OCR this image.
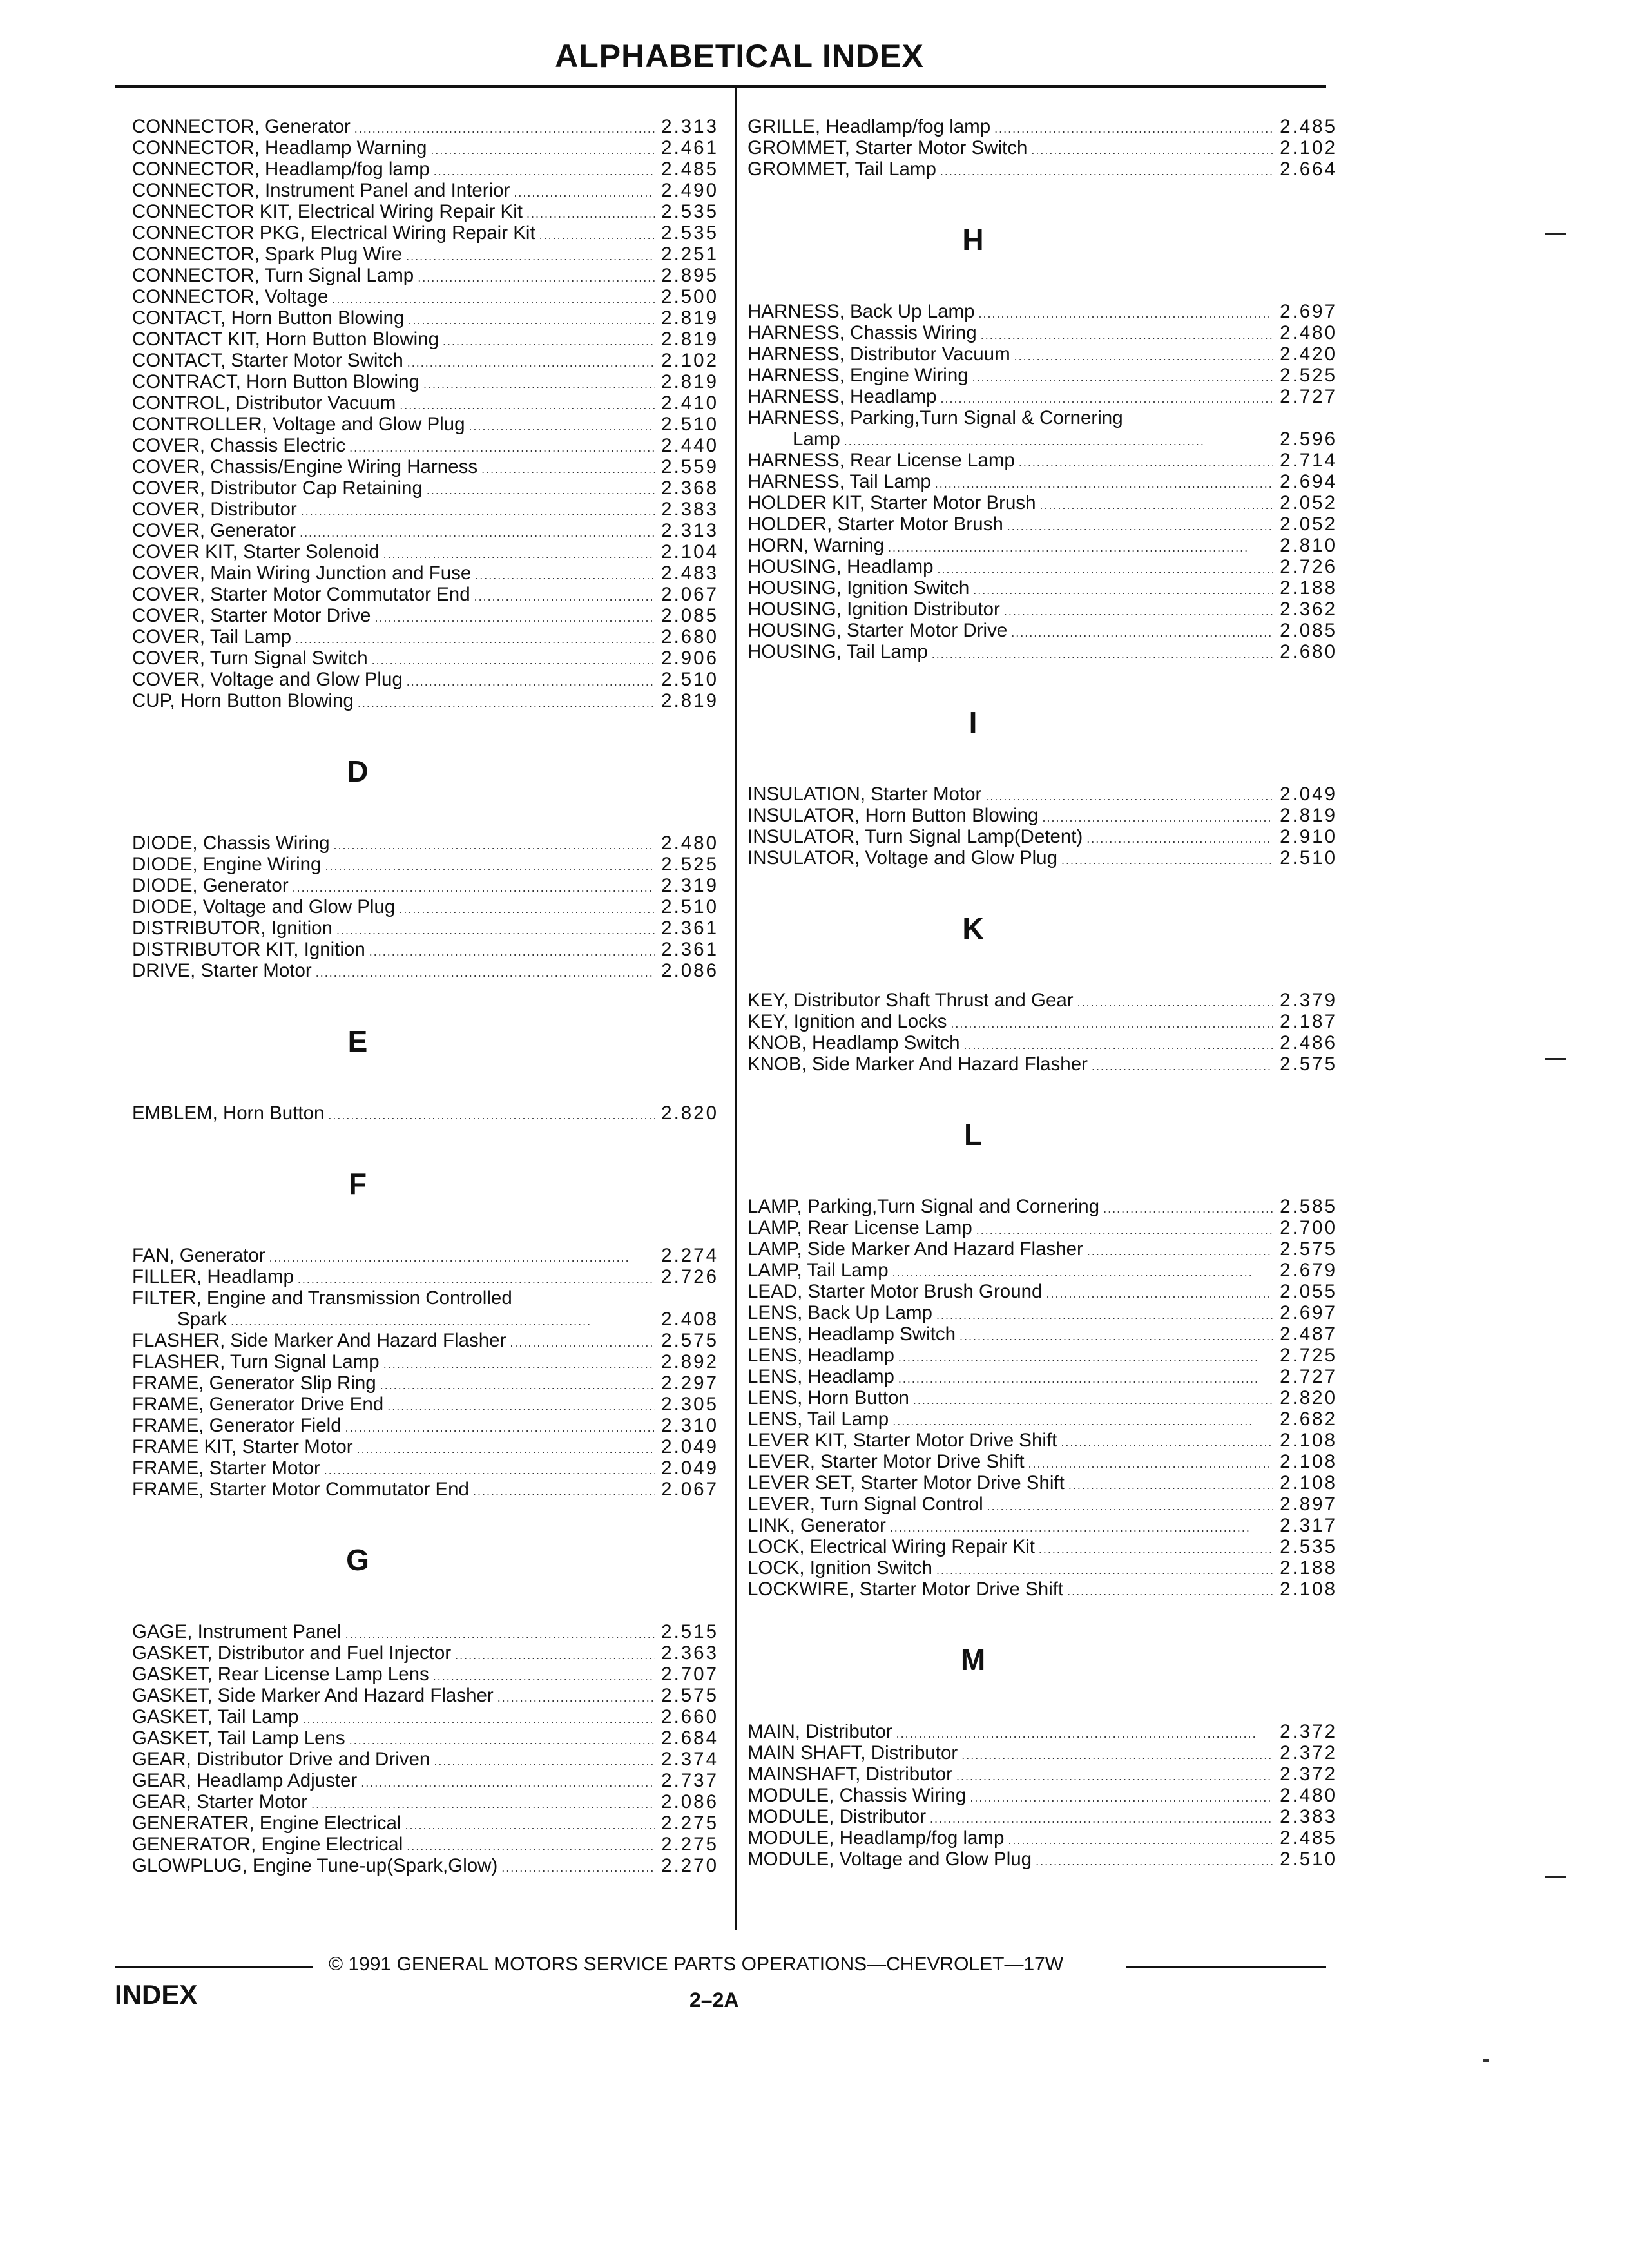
ALPHABETICAL INDEX
CONNECTOR, Generator .....	2.313
CONNECTOR, Headlamp Warning .....	2.461
CONNECTOR, Headlamp/fog lamp .....	2.485
CONNECTOR, Instrument Panel and Interior .....	2.490
CONNECTOR KIT, Electrical Wiring Repair Kit .....	2.535
CONNECTOR PKG, Electrical Wiring Repair Kit .....	2.535
CONNECTOR, Spark Plug Wire .....	2.251
CONNECTOR, Turn Signal Lamp .....	2.895
CONNECTOR, Voltage .....	2.500
CONTACT, Horn Button Blowing .....	2.819
CONTACT KIT, Horn Button Blowing .....	2.819
CONTACT, Starter Motor Switch .....	2.102
CONTRACT, Horn Button Blowing .....	2.819
CONTROL, Distributor Vacuum .....	2.410
CONTROLLER, Voltage and Glow Plug .....	2.510
COVER, Chassis Electric .....	2.440
COVER, Chassis/Engine Wiring Harness .....	2.559
COVER, Distributor Cap Retaining .....	2.368
COVER, Distributor .....	2.383
COVER, Generator .....	2.313
COVER KIT, Starter Solenoid .....	2.104
COVER, Main Wiring Junction and Fuse .....	2.483
COVER, Starter Motor Commutator End .....	2.067
COVER, Starter Motor Drive .....	2.085
COVER, Tail Lamp .....	2.680
COVER, Turn Signal Switch .....	2.906
COVER, Voltage and Glow Plug .....	2.510
CUP, Horn Button Blowing .....	2.819
D
DIODE, Chassis Wiring .....	2.480
DIODE, Engine Wiring .....	2.525
DIODE, Generator .....	2.319
DIODE, Voltage and Glow Plug .....	2.510
DISTRIBUTOR, Ignition .....	2.361
DISTRIBUTOR KIT, Ignition .....	2.361
DRIVE, Starter Motor .....	2.086
E
EMBLEM, Horn Button .....	2.820
F
FAN, Generator .....	2.274
FILLER, Headlamp .....	2.726
FILTER, Engine and Transmission Controlled
Spark .....	2.408
FLASHER, Side Marker And Hazard Flasher .....	2.575
FLASHER, Turn Signal Lamp .....	2.892
FRAME, Generator Slip Ring .....	2.297
FRAME, Generator Drive End .....	2.305
FRAME, Generator Field .....	2.310
FRAME KIT, Starter Motor .....	2.049
FRAME, Starter Motor .....	2.049
FRAME, Starter Motor Commutator End .....	2.067
G
GAGE, Instrument Panel .....	2.515
GASKET, Distributor and Fuel Injector .....	2.363
GASKET, Rear License Lamp Lens .....	2.707
GASKET, Side Marker And Hazard Flasher .....	2.575
GASKET, Tail Lamp .....	2.660
GASKET, Tail Lamp Lens .....	2.684
GEAR, Distributor Drive and Driven .....	2.374
GEAR, Headlamp Adjuster .....	2.737
GEAR, Starter Motor .....	2.086
GENERATER, Engine Electrical .....	2.275
GENERATOR, Engine Electrical .....	2.275
GLOWPLUG, Engine Tune-up(Spark,Glow) .....	2.270
GRILLE, Headlamp/fog lamp .....	2.485
GROMMET, Starter Motor Switch .....	2.102
GROMMET, Tail Lamp .....	2.664
H
HARNESS, Back Up Lamp .....	2.697
HARNESS, Chassis Wiring .....	2.480
HARNESS, Distributor Vacuum .....	2.420
HARNESS, Engine Wiring .....	2.525
HARNESS, Headlamp .....	2.727
HARNESS, Parking,Turn Signal & Cornering
Lamp .....	2.596
HARNESS, Rear License Lamp .....	2.714
HARNESS, Tail Lamp .....	2.694
HOLDER KIT, Starter Motor Brush .....	2.052
HOLDER, Starter Motor Brush .....	2.052
HORN, Warning .....	2.810
HOUSING, Headlamp .....	2.726
HOUSING, Ignition Switch .....	2.188
HOUSING, Ignition Distributor .....	2.362
HOUSING, Starter Motor Drive .....	2.085
HOUSING, Tail Lamp .....	2.680
I
INSULATION, Starter Motor .....	2.049
INSULATOR, Horn Button Blowing .....	2.819
INSULATOR, Turn Signal Lamp(Detent) .....	2.910
INSULATOR, Voltage and Glow Plug .....	2.510
K
KEY, Distributor Shaft Thrust and Gear .....	2.379
KEY, Ignition and Locks .....	2.187
KNOB, Headlamp Switch .....	2.486
KNOB, Side Marker And Hazard Flasher .....	2.575
L
LAMP, Parking,Turn Signal and Cornering .....	2.585
LAMP, Rear License Lamp .....	2.700
LAMP, Side Marker And Hazard Flasher .....	2.575
LAMP, Tail Lamp .....	2.679
LEAD, Starter Motor Brush Ground .....	2.055
LENS, Back Up Lamp .....	2.697
LENS, Headlamp Switch .....	2.487
LENS, Headlamp .....	2.725
LENS, Headlamp .....	2.727
LENS, Horn Button .....	2.820
LENS, Tail Lamp .....	2.682
LEVER KIT, Starter Motor Drive Shift .....	2.108
LEVER, Starter Motor Drive Shift .....	2.108
LEVER SET, Starter Motor Drive Shift .....	2.108
LEVER, Turn Signal Control .....	2.897
LINK, Generator .....	2.317
LOCK, Electrical Wiring Repair Kit .....	2.535
LOCK, Ignition Switch .....	2.188
LOCKWIRE, Starter Motor Drive Shift .....	2.108
M
MAIN, Distributor .....	2.372
MAIN SHAFT, Distributor .....	2.372
MAINSHAFT, Distributor .....	2.372
MODULE, Chassis Wiring .....	2.480
MODULE, Distributor .....	2.383
MODULE, Headlamp/fog lamp .....	2.485
MODULE, Voltage and Glow Plug .....	2.510
© 1991 GENERAL MOTORS SERVICE PARTS OPERATIONS—CHEVROLET—17W
INDEX	2–2A
